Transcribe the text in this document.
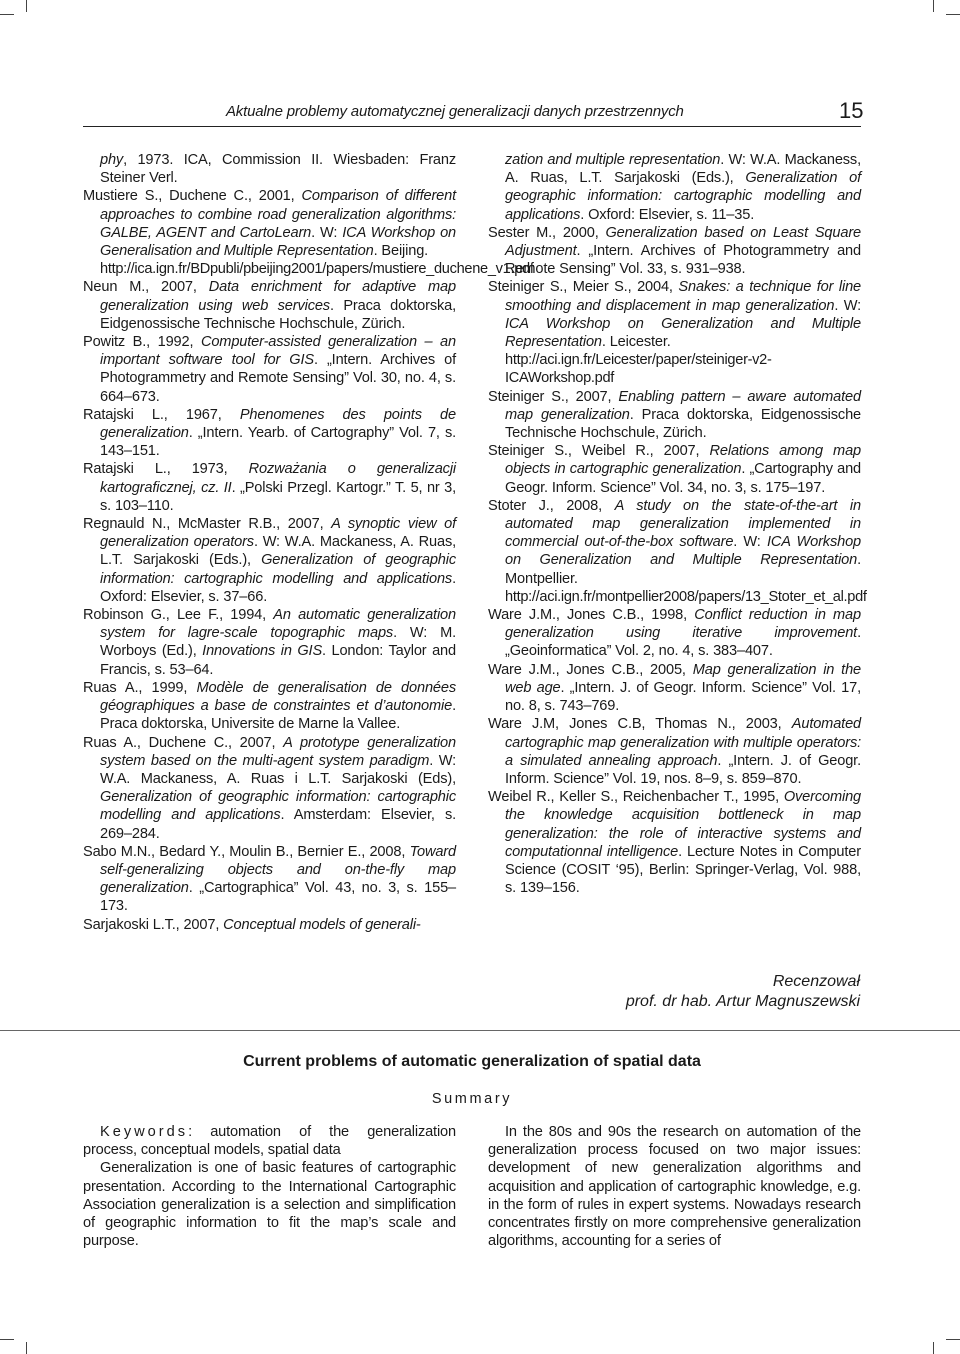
Aktualne problemy automatycznej generalizacji danych przestrzennych	15

phy, 1973. ICA, Commission II. Wiesbaden: Franz Steiner Verl.

Mustiere S., Duchene C., 2001, Comparison of different approaches to combine road generalization algorithms: GALBE, AGENT and CartoLearn. W: ICA Workshop on Generalisation and Multiple Representation. Beijing.
http://ica.ign.fr/BDpubli/pbeijing2001/papers/mustiere_duchene_v1.pdf

Neun M., 2007, Data enrichment for adaptive map generalization using web services. Praca doktorska, Eidgenossische Technische Hochschule, Zürich.

Powitz B., 1992, Computer-assisted generalization – an important software tool for GIS. „Intern. Archives of Photogrammetry and Remote Sensing” Vol. 30, no. 4, s. 664–673.

Ratajski L., 1967, Phenomenes des points de generalization. „Intern. Yearb. of Cartography” Vol. 7, s. 143–151.

Ratajski L., 1973, Rozważania o generalizacji kartograficznej, cz. II. „Polski Przegl. Kartogr.” T. 5, nr 3, s. 103–110.

Regnauld N., McMaster R.B., 2007, A synoptic view of generalization operators. W: W.A. Mackaness, A. Ruas, L.T. Sarjakoski (Eds.), Generalization of geographic information: cartographic modelling and applications. Oxford: Elsevier, s. 37–66.

Robinson G., Lee F., 1994, An automatic generalization system for lagre-scale topographic maps. W: M. Worboys (Ed.), Innovations in GIS. London: Taylor and Francis, s. 53–64.

Ruas A., 1999, Modèle de generalisation de données géographiques a base de constraintes et d’autonomie. Praca doktorska, Universite de Marne la Vallee.

Ruas A., Duchene C., 2007, A prototype generalization system based on the multi-agent system paradigm. W: W.A. Mackaness, A. Ruas i L.T. Sarjakoski (Eds), Generalization of geographic information: cartographic modelling and applications. Amsterdam: Elsevier, s. 269–284.

Sabo M.N., Bedard Y., Moulin B., Bernier E., 2008, Toward self-generalizing objects and on-the-fly map generalization. „Cartographica” Vol. 43, no. 3, s. 155–173.

Sarjakoski L.T., 2007, Conceptual models of generali-

zation and multiple representation. W: W.A. Mackaness, A. Ruas, L.T. Sarjakoski (Eds.), Generalization of geographic information: cartographic modelling and applications. Oxford: Elsevier, s. 11–35.

Sester M., 2000, Generalization based on Least Square Adjustment. „Intern. Archives of Photogrammetry and Remote Sensing” Vol. 33, s. 931–938.

Steiniger S., Meier S., 2004, Snakes: a technique for line smoothing and displacement in map generalization. W: ICA Workshop on Generalization and Multiple Representation. Leicester.
http://aci.ign.fr/Leicester/paper/steiniger-v2-ICAWorkshop.pdf

Steiniger S., 2007, Enabling pattern – aware automated map generalization. Praca doktorska, Eidgenossische Technische Hochschule, Zürich.

Steiniger S., Weibel R., 2007, Relations among map objects in cartographic generalization. „Cartography and Geogr. Inform. Science” Vol. 34, no. 3, s. 175–197.

Stoter J., 2008, A study on the state-of-the-art in automated map generalization implemented in commercial out-of-the-box software. W: ICA Workshop on Generalization and Multiple Representation. Montpellier.
http://aci.ign.fr/montpellier2008/papers/13_Stoter_et_al.pdf

Ware J.M., Jones C.B., 1998, Conflict reduction in map generalization using iterative improvement. „Geoinformatica” Vol. 2, no. 4, s. 383–407.

Ware J.M., Jones C.B., 2005, Map generalization in the web age. „Intern. J. of Geogr. Inform. Science” Vol. 17, no. 8, s. 743–769.

Ware J.M, Jones C.B, Thomas N., 2003, Automated cartographic map generalization with multiple operators: a simulated annealing approach. „Intern. J. of Geogr. Inform. Science” Vol. 19, nos. 8–9, s. 859–870.

Weibel R., Keller S., Reichenbacher T., 1995, Overcoming the knowledge acquisition bottleneck in map generalization: the role of interactive systems and computationnal intelligence. Lecture Notes in Computer Science (COSIT ‘95), Berlin: Springer-Verlag, Vol. 988, s. 139–156.

Recenzował
prof. dr hab. Artur Magnuszewski
Current problems of automatic generalization of spatial data
Summary

Keywords: automation of the generalization process, conceptual models, spatial data

Generalization is one of basic features of cartographic presentation. According to the International Cartographic Association generalization is a selection and simplification of geographic information to fit the map’s scale and purpose.

In the 80s and 90s the research on automation of the generalization process focused on two major issues: development of new generalization algorithms and acquisition and application of cartographic knowledge, e.g. in the form of rules in expert systems. Nowadays research concentrates firstly on more comprehensive generalization algorithms, accounting for a series of
